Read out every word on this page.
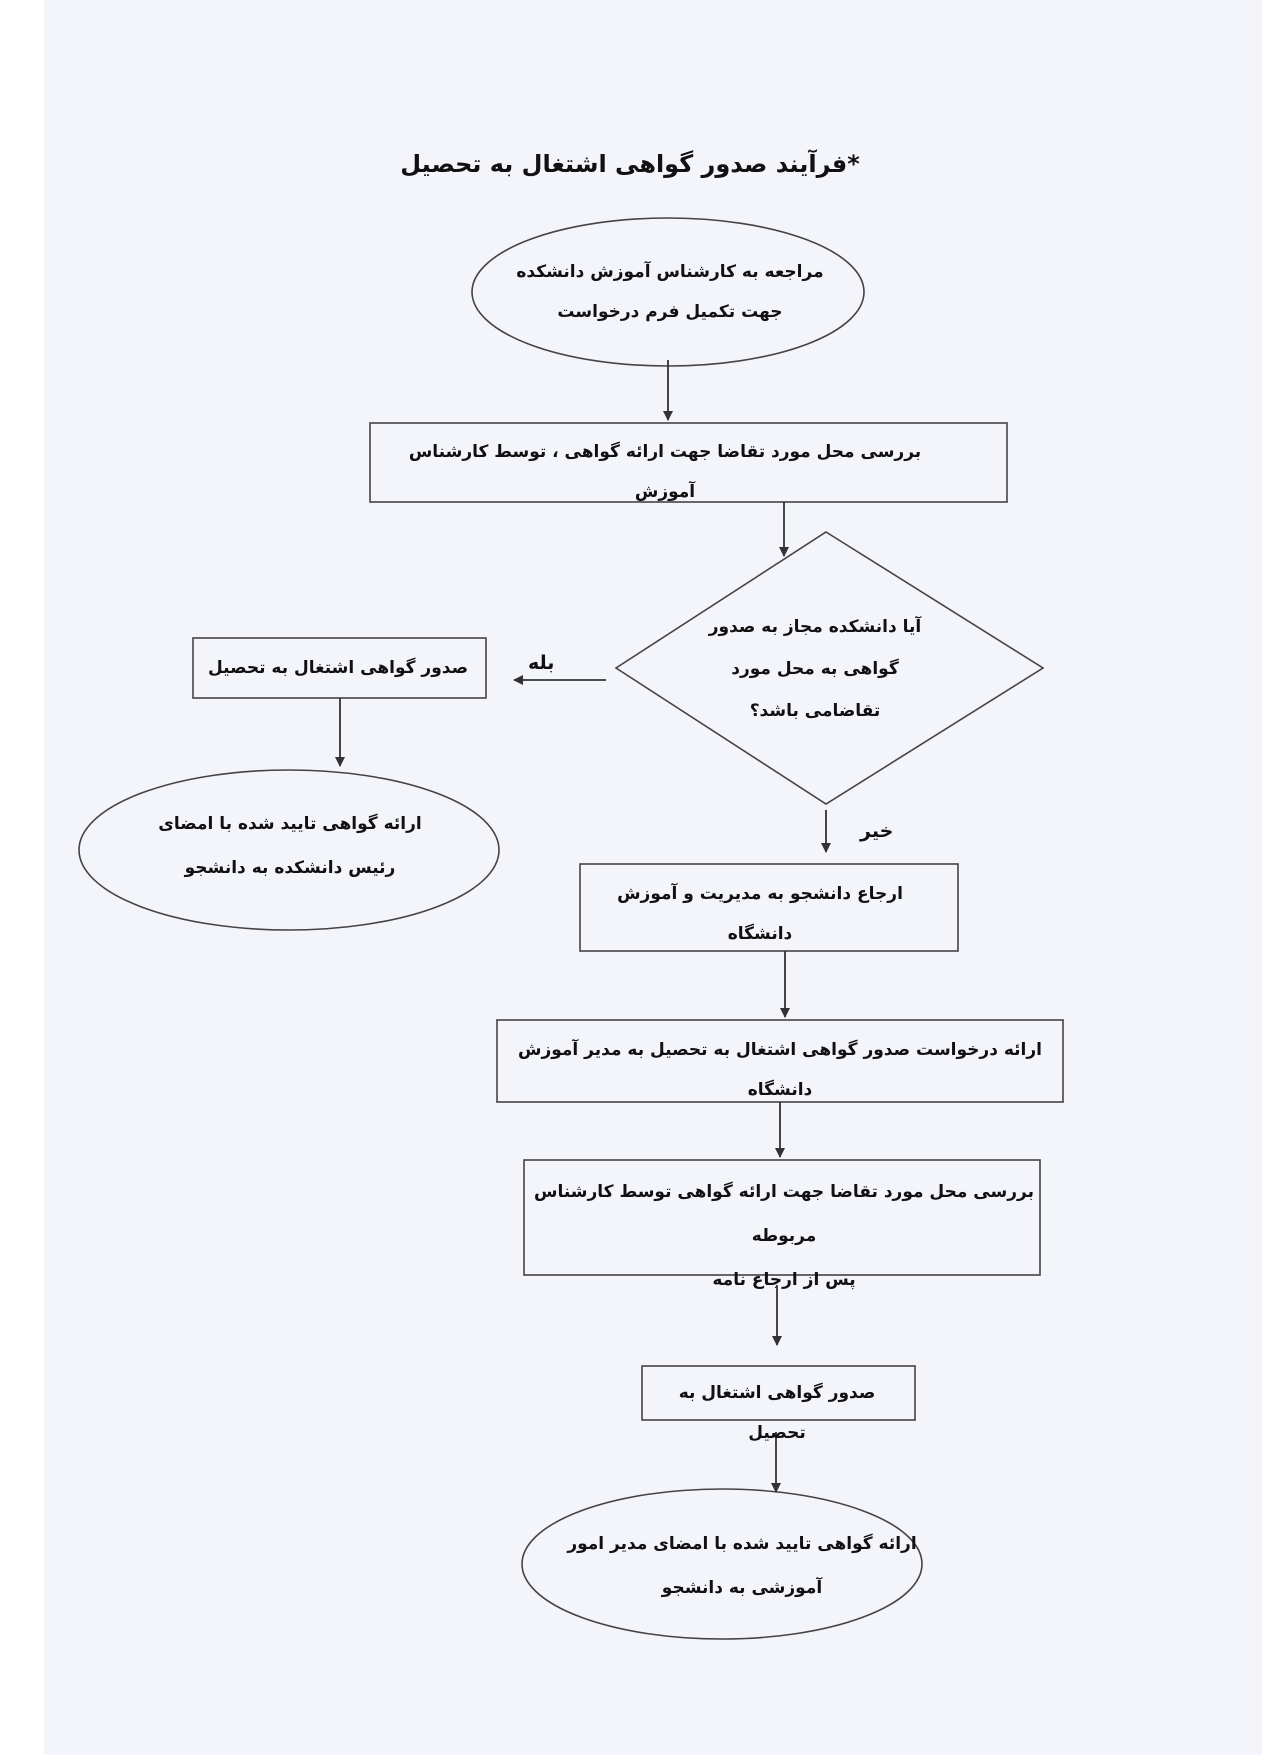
*فرآیند صدور گواهی اشتغال به تحصیل
مراجعه به کارشناس آموزش دانشکده
جهت تکمیل فرم درخواست
بررسی محل مورد تقاضا جهت ارائه گواهی ، توسط کارشناس آموزش
آیا دانشکده مجاز به صدور
گواهی به محل مورد
تقاضامی باشد؟
بله
خیر
صدور گواهی اشتغال به تحصیل
ارائه گواهی تایید شده با امضای
رئیس دانشکده به دانشجو
ارجاع دانشجو به مدیریت و آموزش دانشگاه
ارائه درخواست صدور گواهی اشتغال به تحصیل به مدیر آموزش دانشگاه
بررسی محل مورد تقاضا جهت ارائه گواهی توسط کارشناس مربوطه
پس از ارجاع نامه
صدور گواهی اشتغال به تحصیل
ارائه گواهی تایید شده با امضای مدیر امور
آموزشی به دانشجو
